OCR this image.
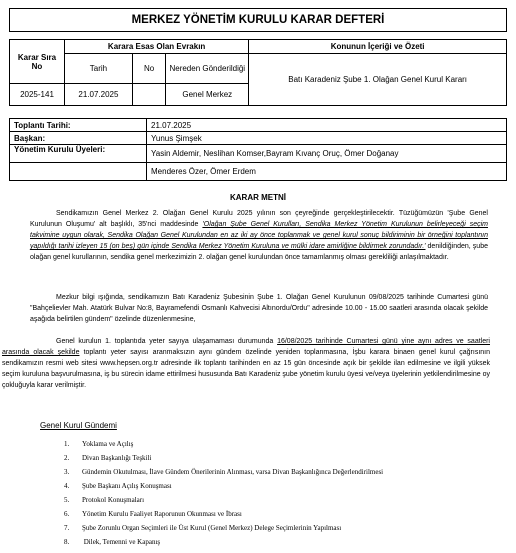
MERKEZ YÖNETİM KURULU KARAR DEFTERİ
Karar Sıra No	Karara Esas Olan Evrakın			Konunun İçeriği ve Özeti
	Tarih	No	Nereden Gönderildiği	Batı Karadeniz Şube 1. Olağan Genel Kurul Kararı
2025-141	21.07.2025		Genel Merkez	
Toplantı Tarihi:	21.07.2025
Başkan:	Yunus Şimşek
Yönetim Kurulu Üyeleri:	Yasin Aldemir, Neslihan Komser,Bayram Kıvanç Oruç, Ömer Doğanay
	Menderes Özer, Ömer Erdem
KARAR METNİ
Sendikamızın Genel Merkez 2. Olağan Genel Kurulu 2025 yılının son çeyreğinde gerçekleştirilecektir. Tüzüğümüzün 'Şube Genel Kurulunun Oluşumu' alt başlıklı, 35'nci maddesinde 'Olağan Şube Genel Kurulları, Sendika Merkez Yönetim Kurulunun belirleyeceği seçim takvimine uygun olarak, Sendika Olağan Genel Kurulundan en az iki ay önce toplanmak ve genel kurul sonuç bildiriminin bir örneğini toplantının yapıldığı tarihi izleyen 15 (on beş) gün içinde Sendika Merkez Yönetim Kuruluna ve mülki idare amirliğine bildirmek zorundadır.' denildiğinden, şube olağan genel kurullarının, sendika genel merkezimizin 2. olağan genel kurulundan önce tamamlanmış olması gerekliliği anlaşılmaktadır.
Mezkur bilgi ışığında, sendikamızın Batı Karadeniz Şubesinin Şube 1. Olağan Genel Kurulunun 09/08/2025 tarihinde Cumartesi günü "Bahçelievler Mah. Atatürk Bulvar No:8, Bayramefendi Osmanlı Kahvecisi Altınordu/Ordu" adresinde 10.00 - 15.00 saatleri arasında olacak şekilde aşağıda belirtilen gündem" özelinde düzenlenmesine,
Genel kurulun 1. toplantıda yeter sayıya ulaşamaması durumunda 16/08/2025 tarihinde Cumartesi günü yine aynı adres ve saatleri arasında olacak şekilde toplantı yeter sayısı aranmaksızın aynı gündem özelinde yeniden toplanmasına, İşbu karara binaen genel kurul çağrısının sendikamızın resmi web sitesi www.hepsen.org.tr adresinde ilk toplantı tarihinden en az 15 gün öncesinde açık bir şekilde ilan edilmesine ve ilgili yüksek seçim kuruluna başvurulmasına, iş bu sürecin idame ettirilmesi hususunda Batı Karadeniz şube yönetim kurulu üyesi ve/veya üyelerinin yetkilendirilmesine oy çokluğuyla karar verilmiştir.
Genel Kurul Gündemi
1. Yoklama ve Açılış
2. Divan Başkanlığı Teşkili
3. Gündemin Okutulması, İlave Gündem Önerilerinin Alınması, varsa Divan Başkanlığınca Değerlendirilmesi
4. Şube Başkanı Açılış Konuşması
5. Protokol Konuşmaları
6. Yönetim Kurulu Faaliyet Raporunun Okunması ve İbrası
7. Şube Zorunlu Organ Seçimleri ile Üst Kurul (Genel Merkez) Delege Seçimlerinin Yapılması
8. Dilek, Temenni ve Kapanış
